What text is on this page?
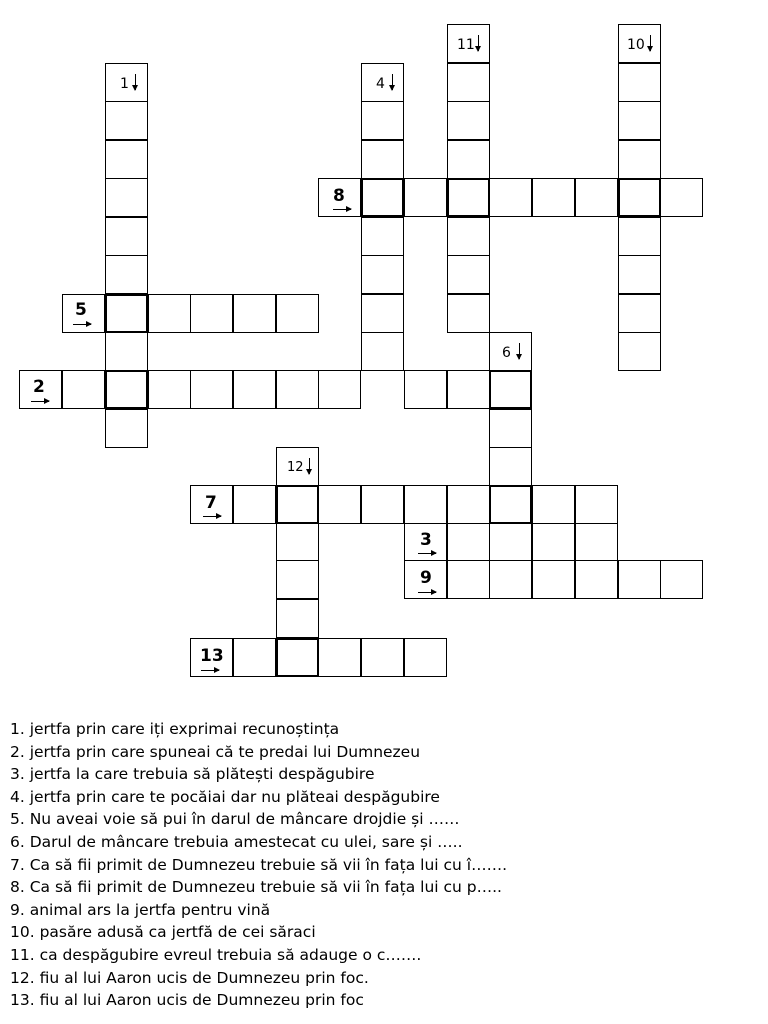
1	4
11	10
6
12
8
5
2
7
3
9
13
1. jertfa prin care iți exprimai recunoștința
2. jertfa prin care spuneai că te predai lui Dumnezeu
3. jertfa la care trebuia să plătești despăgubire
4. jertfa prin care te pocăiai dar nu plăteai despăgubire
5. Nu aveai voie să pui în darul de mâncare drojdie și ……
6. Darul de mâncare trebuia amestecat cu ulei, sare și …..
7. Ca să fii primit de Dumnezeu trebuie să vii în fața lui cu î…….
8. Ca să fii primit de Dumnezeu trebuie să vii în fața lui cu p…..
9. animal ars la jertfa pentru vină
10. pasăre adusă ca jertfă de cei săraci
11. ca despăgubire evreul trebuia să adauge o c…….
12. fiu al lui Aaron ucis de Dumnezeu prin foc.
13. fiu al lui Aaron ucis de Dumnezeu prin foc
